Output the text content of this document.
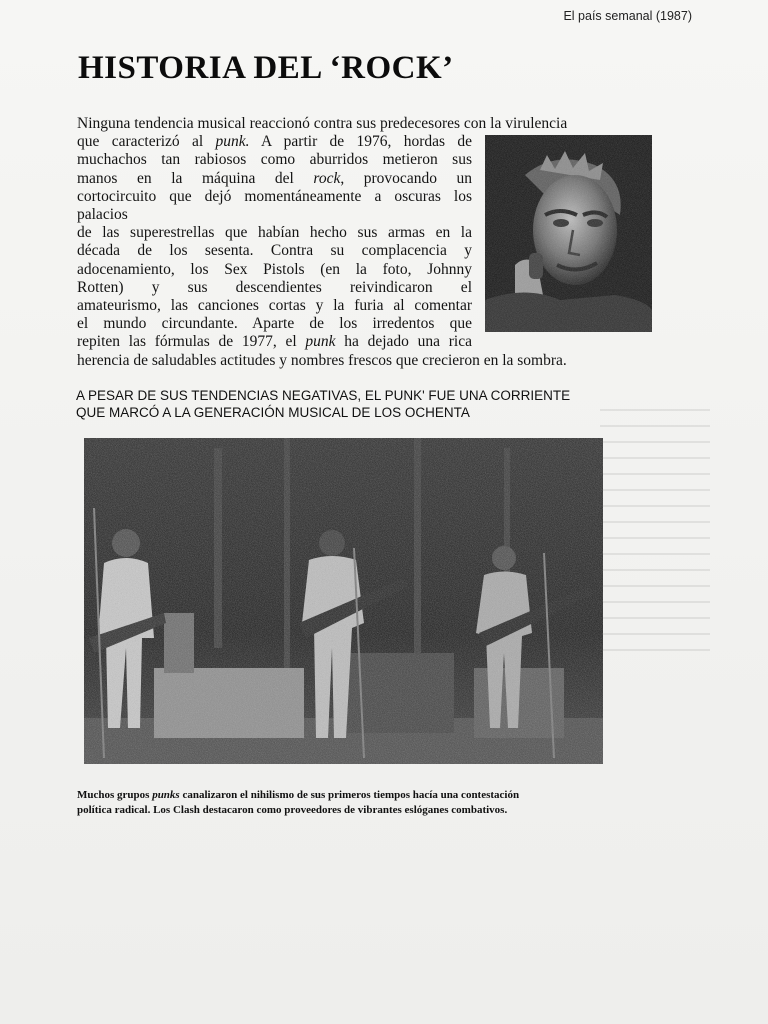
El país semanal (1987)
HISTORIA DEL ‘ROCK’
Ninguna tendencia musical reaccionó contra sus predecesores con la virulencia
que caracterizó al punk. A partir de 1976, hordas de
muchachos tan rabiosos como aburridos metieron sus
manos en la máquina del rock, provocando un
cortocircuito que dejó momentáneamente a oscuras los
palacios
de las superestrellas que habían hecho sus armas en la
década de los sesenta. Contra su complacencia y
adocenamiento, los Sex Pistols (en la foto, Johnny
Rotten) y sus descendientes reivindicaron el
amateurismo, las canciones cortas y la furia al comentar
el mundo circundante. Aparte de los irredentos que
repiten las fórmulas de 1977, el punk ha dejado una rica
herencia de saludables actitudes y nombres frescos que crecieron en la sombra.
A PESAR DE SUS TENDENCIAS NEGATIVAS, EL PUNK' FUE UNA CORRIENTE
QUE MARCÓ A LA GENERACIÓN MUSICAL DE LOS OCHENTA
Muchos grupos punks canalizaron el nihilismo de sus primeros tiempos hacía una contestación
política radical. Los Clash destacaron como proveedores de vibrantes eslóganes combativos.
